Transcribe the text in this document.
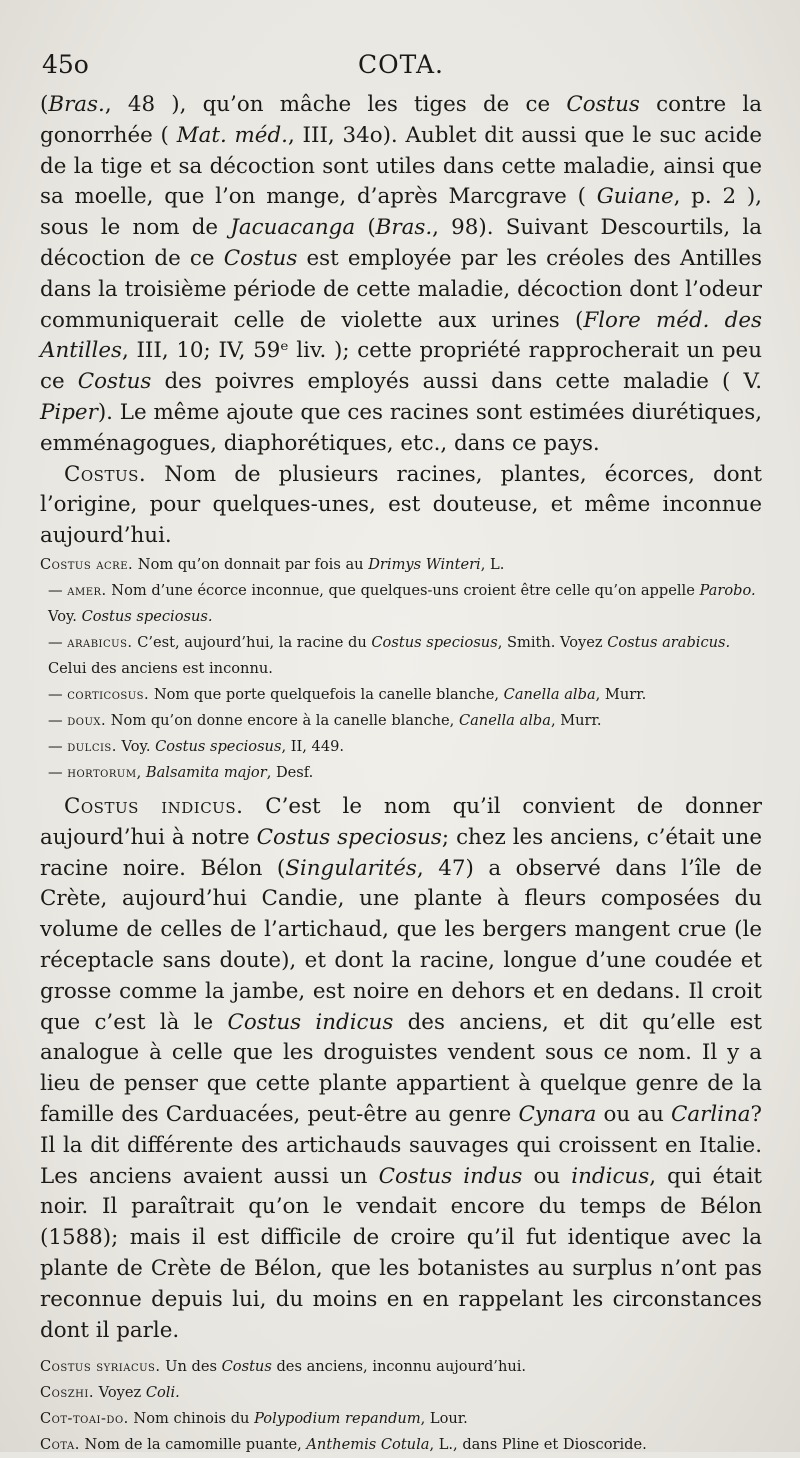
45o	COTA.

(Bras., 48 ), qu’on mâche les tiges de ce Costus contre la gonorrhée ( Mat. méd., III, 34o). Aublet dit aussi que le suc acide de la tige et sa décoction sont utiles dans cette maladie, ainsi que sa moelle, que l’on mange, d’après Marcgrave ( Guiane, p. 2 ), sous le nom de Jacuacanga (Bras., 98). Suivant Descourtils, la décoction de ce Costus est employée par les créoles des Antilles dans la troisième période de cette maladie, décoction dont l’odeur communiquerait celle de violette aux urines (Flore méd. des Antilles, III, 10; IV, 59ᵉ liv. ); cette propriété rapprocherait un peu ce Costus des poivres employés aussi dans cette maladie ( V. Piper). Le même ajoute que ces racines sont estimées diurétiques, emménagogues, diaphorétiques, etc., dans ce pays.

Costus. Nom de plusieurs racines, plantes, écorces, dont l’origine, pour quelques-unes, est douteuse, et même inconnue aujourd’hui.

Costus acre. Nom qu’on donnait par fois au Drimys Winteri, L.

— amer. Nom d’une écorce inconnue, que quelques-uns croient être celle qu’on appelle Parobo. Voy. Costus speciosus.

— arabicus. C’est, aujourd’hui, la racine du Costus speciosus, Smith. Voyez Costus arabicus. Celui des anciens est inconnu.

— corticosus. Nom que porte quelquefois la canelle blanche, Canella alba, Murr.

— doux. Nom qu’on donne encore à la canelle blanche, Canella alba, Murr.

— dulcis. Voy. Costus speciosus, II, 449.

— hortorum, Balsamita major, Desf.

Costus indicus. C’est le nom qu’il convient de donner aujourd’hui à notre Costus speciosus; chez les anciens, c’était une racine noire. Bélon (Singularités, 47) a observé dans l’île de Crète, aujourd’hui Candie, une plante à fleurs composées du volume de celles de l’artichaud, que les bergers mangent crue (le réceptacle sans doute), et dont la racine, longue d’une coudée et grosse comme la jambe, est noire en dehors et en dedans. Il croit que c’est là le Costus indicus des anciens, et dit qu’elle est analogue à celle que les droguistes vendent sous ce nom. Il y a lieu de penser que cette plante appartient à quelque genre de la famille des Carduacées, peut-être au genre Cynara ou au Carlina? Il la dit différente des artichauds sauvages qui croissent en Italie. Les anciens avaient aussi un Costus indus ou indicus, qui était noir. Il paraîtrait qu’on le vendait encore du temps de Bélon (1588); mais il est difficile de croire qu’il fut identique avec la plante de Crète de Bélon, que les botanistes au surplus n’ont pas reconnue depuis lui, du moins en en rappelant les circonstances dont il parle.

Costus syriacus. Un des Costus des anciens, inconnu aujourd’hui.

Coszhi. Voyez Coli.

Cot-toai-do. Nom chinois du Polypodium repandum, Lour.

Cota. Nom de la camomille puante, Anthemis Cotula, L., dans Pline et Dioscoride.
